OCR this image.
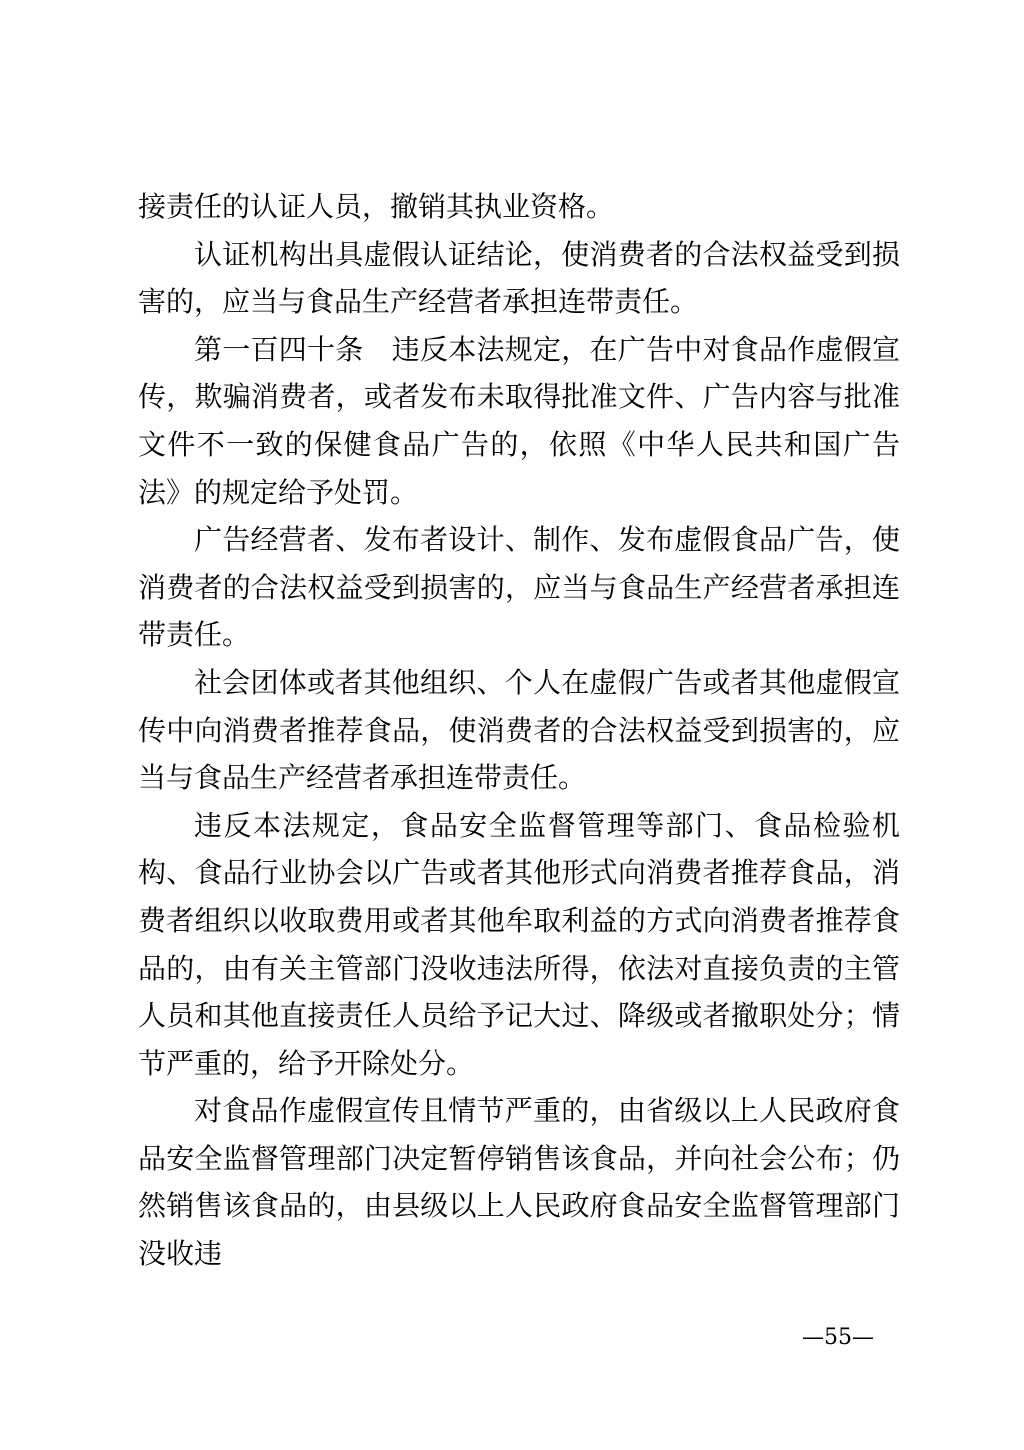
接责任的认证人员，撤销其执业资格。

认证机构出具虚假认证结论，使消费者的合法权益受到损害的，应当与食品生产经营者承担连带责任。

第一百四十条　违反本法规定，在广告中对食品作虚假宣传，欺骗消费者，或者发布未取得批准文件、广告内容与批准文件不一致的保健食品广告的，依照《中华人民共和国广告法》的规定给予处罚。

广告经营者、发布者设计、制作、发布虚假食品广告，使消费者的合法权益受到损害的，应当与食品生产经营者承担连带责任。

社会团体或者其他组织、个人在虚假广告或者其他虚假宣传中向消费者推荐食品，使消费者的合法权益受到损害的，应当与食品生产经营者承担连带责任。

违反本法规定，食品安全监督管理等部门、食品检验机构、食品行业协会以广告或者其他形式向消费者推荐食品，消费者组织以收取费用或者其他牟取利益的方式向消费者推荐食品的，由有关主管部门没收违法所得，依法对直接负责的主管人员和其他直接责任人员给予记大过、降级或者撤职处分；情节严重的，给予开除处分。

对食品作虚假宣传且情节严重的，由省级以上人民政府食品安全监督管理部门决定暂停销售该食品，并向社会公布；仍然销售该食品的，由县级以上人民政府食品安全监督管理部门没收违

—55—
